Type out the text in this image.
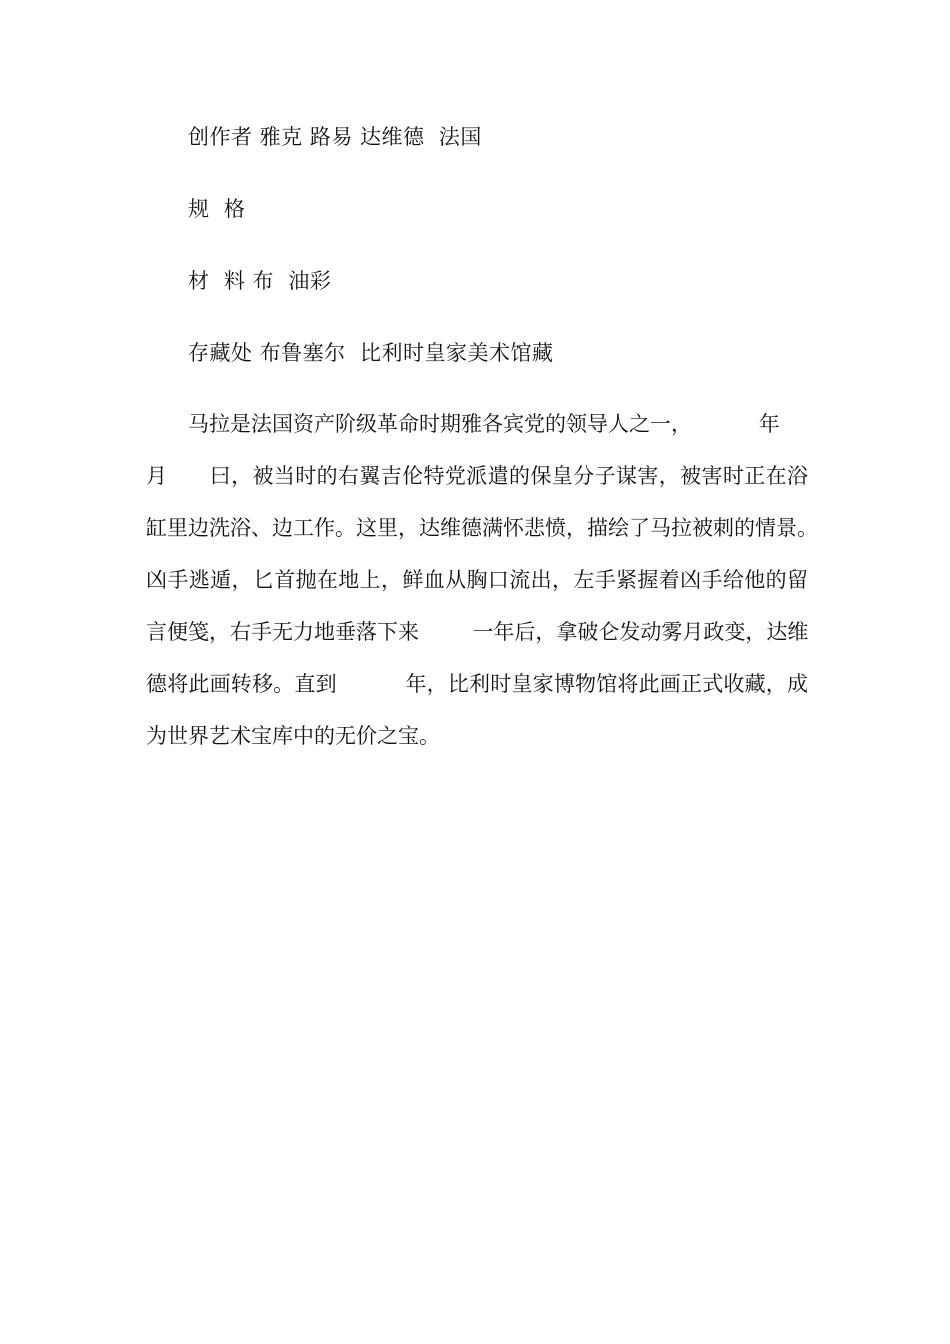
创作者 雅克 路易 达维德  法国
规  格
材  料 布  油彩
存藏处 布鲁塞尔  比利时皇家美术馆藏
马拉是法国资产阶级革命时期雅各宾党的领导人之一，          年
月      曰，被当时的右翼吉伦特党派遣的保皇分子谋害，被害时正在浴
缸里边洗浴、边工作。这里，达维德满怀悲愤，描绘了马拉被刺的情景。
凶手逃遁，匕首抛在地上，鲜血从胸口流出，左手紧握着凶手给他的留
言便笺，右手无力地垂落下来        一年后，拿破仑发动雾月政变，达维
德将此画转移。直到          年，比利时皇家博物馆将此画正式收藏，成
为世界艺术宝库中的无价之宝。
